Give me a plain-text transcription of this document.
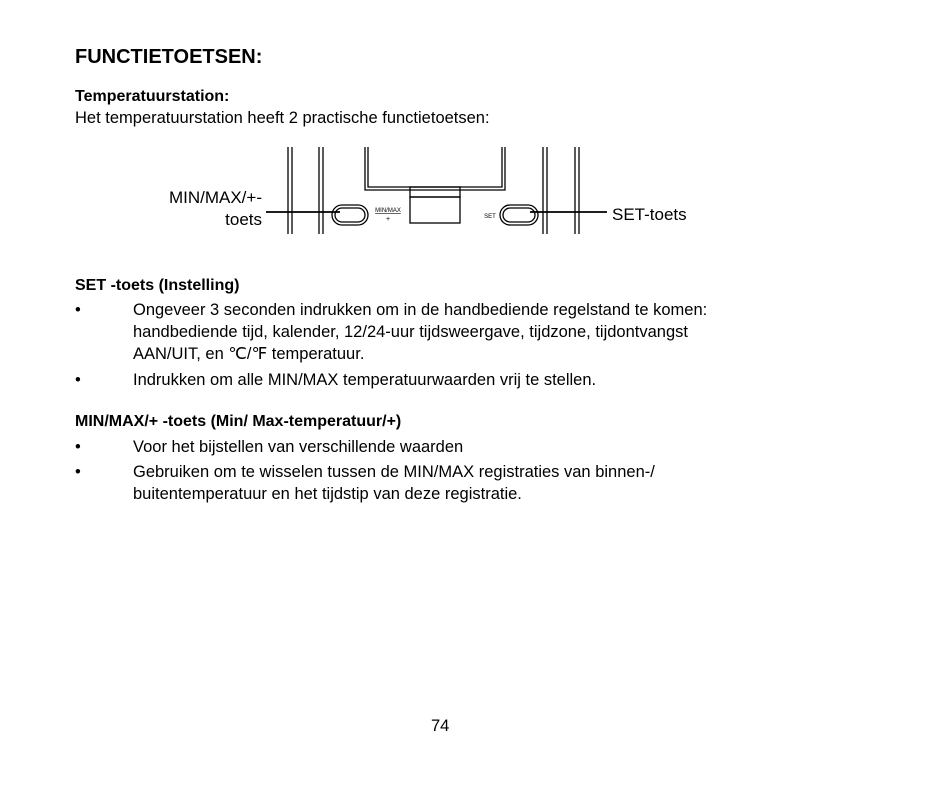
FUNCTIETOETSEN:
Temperatuurstation:
Het temperatuurstation heeft 2 practische functietoetsen:
MIN/MAX
+	SET
MIN/MAX/+-
toets	SET-toets
SET -toets (Instelling)
•	Ongeveer 3 seconden indrukken om in de handbediende regelstand te komen:
handbediende tijd, kalender, 12/24-uur tijdsweergave, tijdzone, tijdontvangst
AAN/UIT, en ℃/℉ temperatuur.
•	Indrukken om alle MIN/MAX temperatuurwaarden vrij te stellen.
MIN/MAX/+ -toets (Min/ Max-temperatuur/+)
•	Voor het bijstellen van verschillende waarden
•	Gebruiken om te wisselen tussen de MIN/MAX registraties van binnen-/
buitentemperatuur en het tijdstip van deze registratie.
74
